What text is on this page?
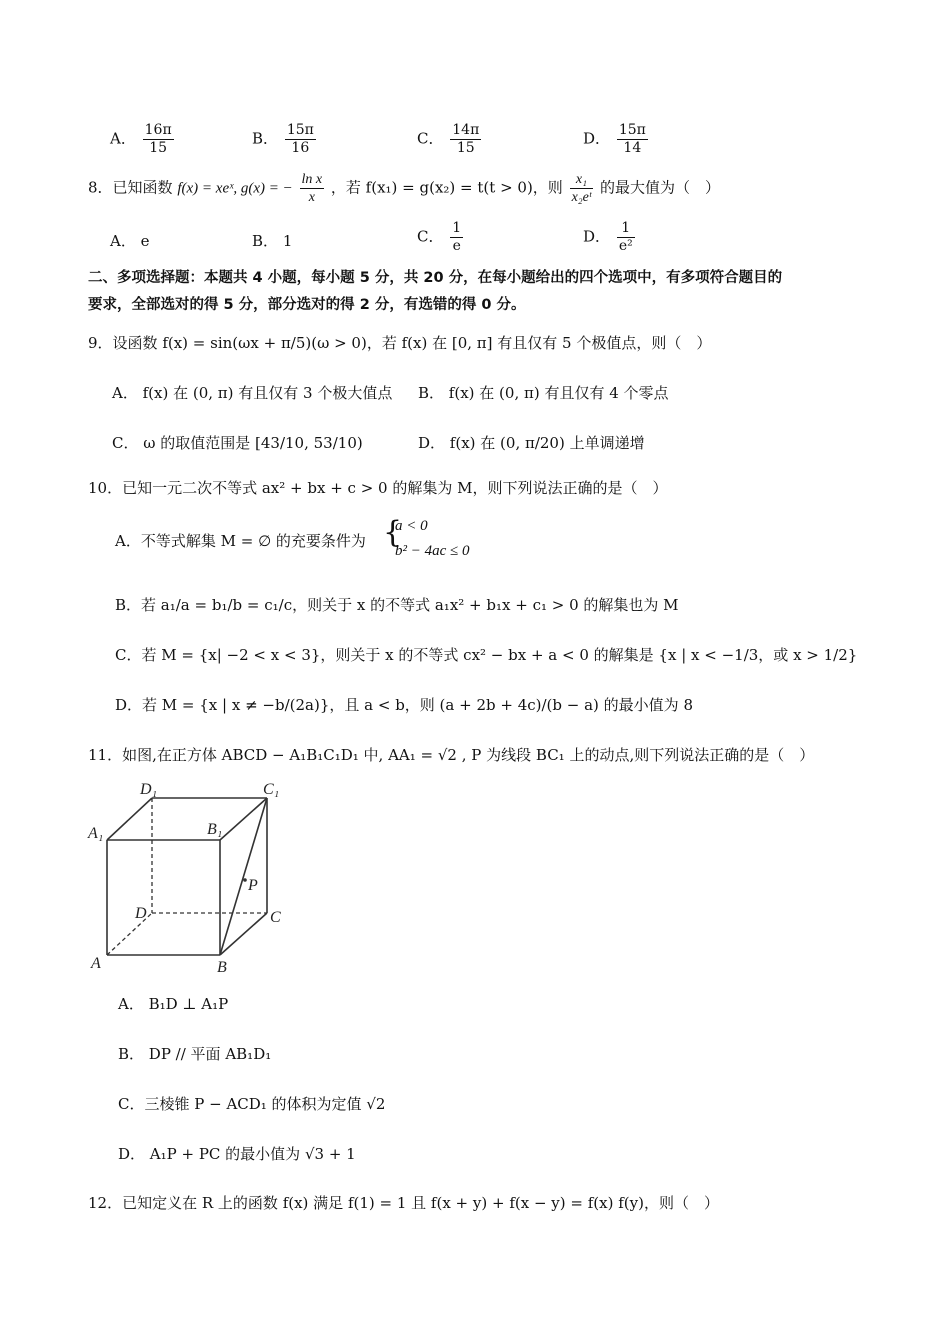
A． $\frac{16\pi}{15}$	B． $\frac{15\pi}{16}$	C． $\frac{14\pi}{15}$	D． $\frac{15\pi}{14}$
8．已知函数 f(x) = xeˣ, g(x) = − $\frac{\text{ln x}}{x}$ ，若 f(x₁) = g(x₂) = t(t > 0)，则 $\frac{\text{x₁}}{\text{x₂eᵗ}}$ 的最大值为（　）
A． e	B． 1	C． $\frac{1}{e}$	D． $\frac{1}{\text{e²}}$
二、多项选择题：本题共 4 小题，每小题 5 分，共 20 分，在每小题给出的四个选项中，有多项符合题目的
要求，全部选对的得 5 分，部分选对的得 2 分，有选错的得 0 分。
9．设函数 f(x) = sin(ωx + π/5)(ω > 0)，若 f(x) 在 [0, π] 有且仅有 5 个极值点，则（　）
A． f(x) 在 (0, π) 有且仅有 3 个极大值点 B． f(x) 在 (0, π) 有且仅有 4 个零点
C． ω 的取值范围是 [43/10, 53/10)	D． f(x) 在 (0, π/20) 上单调递增
10．已知一元二次不等式 ax² + bx + c > 0 的解集为 M，则下列说法正确的是（　）
A．不等式解集 M = ∅ 的充要条件为 {
a < 0
b² − 4ac ≤ 0
B．若 a₁/a = b₁/b = c₁/c，则关于 x 的不等式 a₁x² + b₁x + c₁ > 0 的解集也为 M
C．若 M = {x| −2 < x < 3}，则关于 x 的不等式 cx² − bx + a < 0 的解集是 {x | x < −1/3，或 x > 1/2}
D．若 M = {x | x ≠ −b/(2a)}，且 a < b，则 (a + 2b + 4c)/(b − a) 的最小值为 8
11．如图,在正方体 ABCD − A₁B₁C₁D₁ 中, AA₁ = √2 , P 为线段 BC₁ 上的动点,则下列说法正确的是（　）
D₁	C₁
A₁	B₁
P
D	C
A	B
A． B₁D ⊥ A₁P
B． DP // 平面 AB₁D₁
C．三棱锥 P − ACD₁ 的体积为定值 √2
D． A₁P + PC 的最小值为 √3 + 1
12．已知定义在 R 上的函数 f(x) 满足 f(1) = 1 且 f(x + y) + f(x − y) = f(x) f(y)，则（　）
